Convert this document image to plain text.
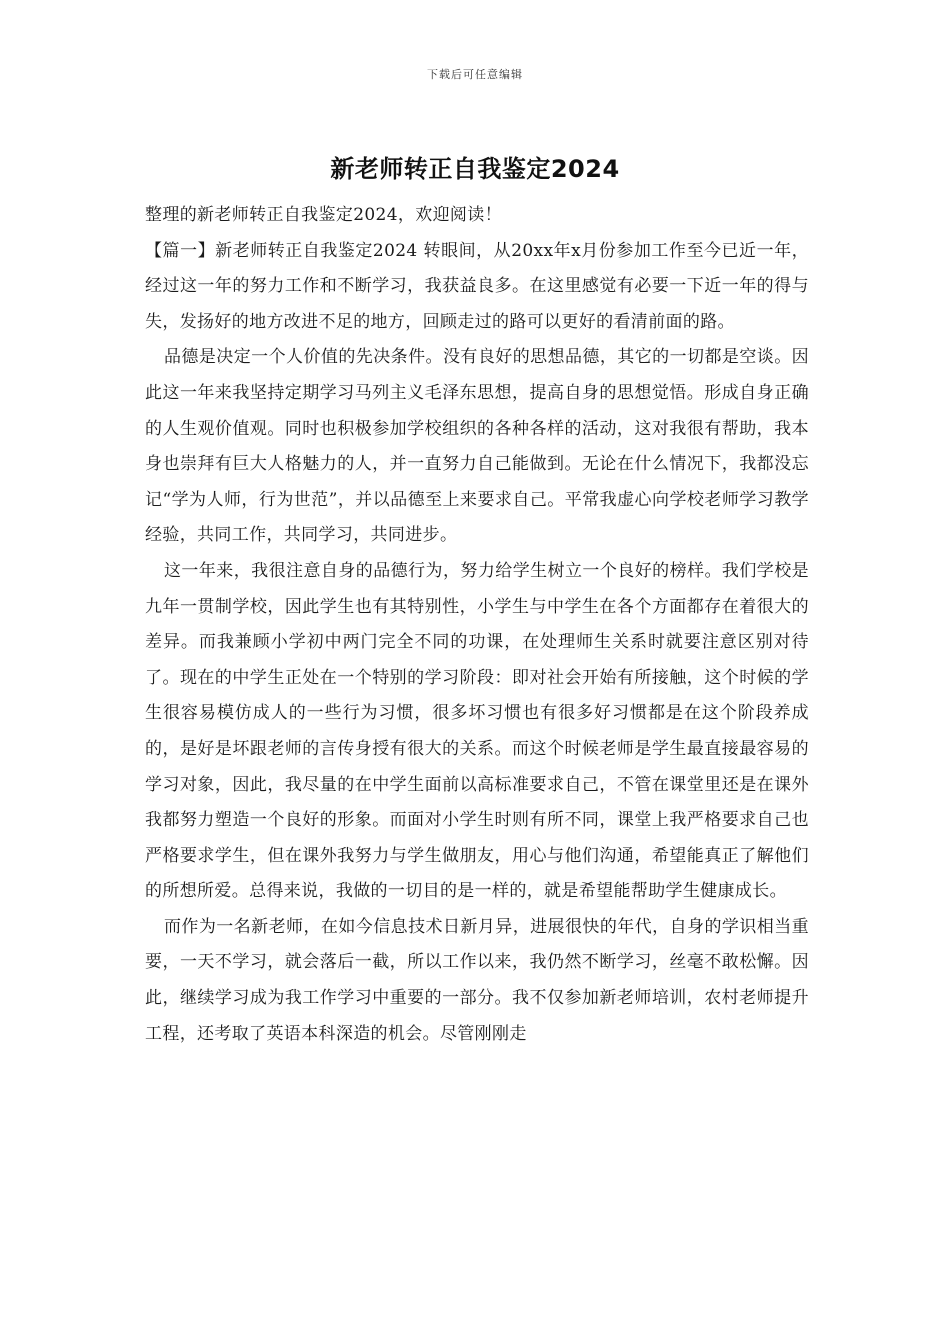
下载后可任意编辑
新老师转正自我鉴定2024

整理的新老师转正自我鉴定2024，欢迎阅读！

【篇一】新老师转正自我鉴定2024 转眼间，从20xx年x月份参加工作至今已近一年，经过这一年的努力工作和不断学习，我获益良多。在这里感觉有必要一下近一年的得与失，发扬好的地方改进不足的地方，回顾走过的路可以更好的看清前面的路。

品德是决定一个人价值的先决条件。没有良好的思想品德，其它的一切都是空谈。因此这一年来我坚持定期学习马列主义毛泽东思想，提高自身的思想觉悟。形成自身正确的人生观价值观。同时也积极参加学校组织的各种各样的活动，这对我很有帮助，我本身也崇拜有巨大人格魅力的人，并一直努力自己能做到。无论在什么情况下，我都没忘记“学为人师，行为世范”，并以品德至上来要求自己。平常我虚心向学校老师学习教学经验，共同工作，共同学习，共同进步。

这一年来，我很注意自身的品德行为，努力给学生树立一个良好的榜样。我们学校是九年一贯制学校，因此学生也有其特别性，小学生与中学生在各个方面都存在着很大的差异。而我兼顾小学初中两门完全不同的功课，在处理师生关系时就要注意区别对待了。现在的中学生正处在一个特别的学习阶段：即对社会开始有所接触，这个时候的学生很容易模仿成人的一些行为习惯，很多坏习惯也有很多好习惯都是在这个阶段养成的，是好是坏跟老师的言传身授有很大的关系。而这个时候老师是学生最直接最容易的学习对象，因此，我尽量的在中学生面前以高标准要求自己，不管在课堂里还是在课外我都努力塑造一个良好的形象。而面对小学生时则有所不同，课堂上我严格要求自己也严格要求学生，但在课外我努力与学生做朋友，用心与他们沟通，希望能真正了解他们的所想所爱。总得来说，我做的一切目的是一样的，就是希望能帮助学生健康成长。

而作为一名新老师，在如今信息技术日新月异，进展很快的年代，自身的学识相当重要，一天不学习，就会落后一截，所以工作以来，我仍然不断学习，丝毫不敢松懈。因此，继续学习成为我工作学习中重要的一部分。我不仅参加新老师培训，农村老师提升工程，还考取了英语本科深造的机会。尽管刚刚走
